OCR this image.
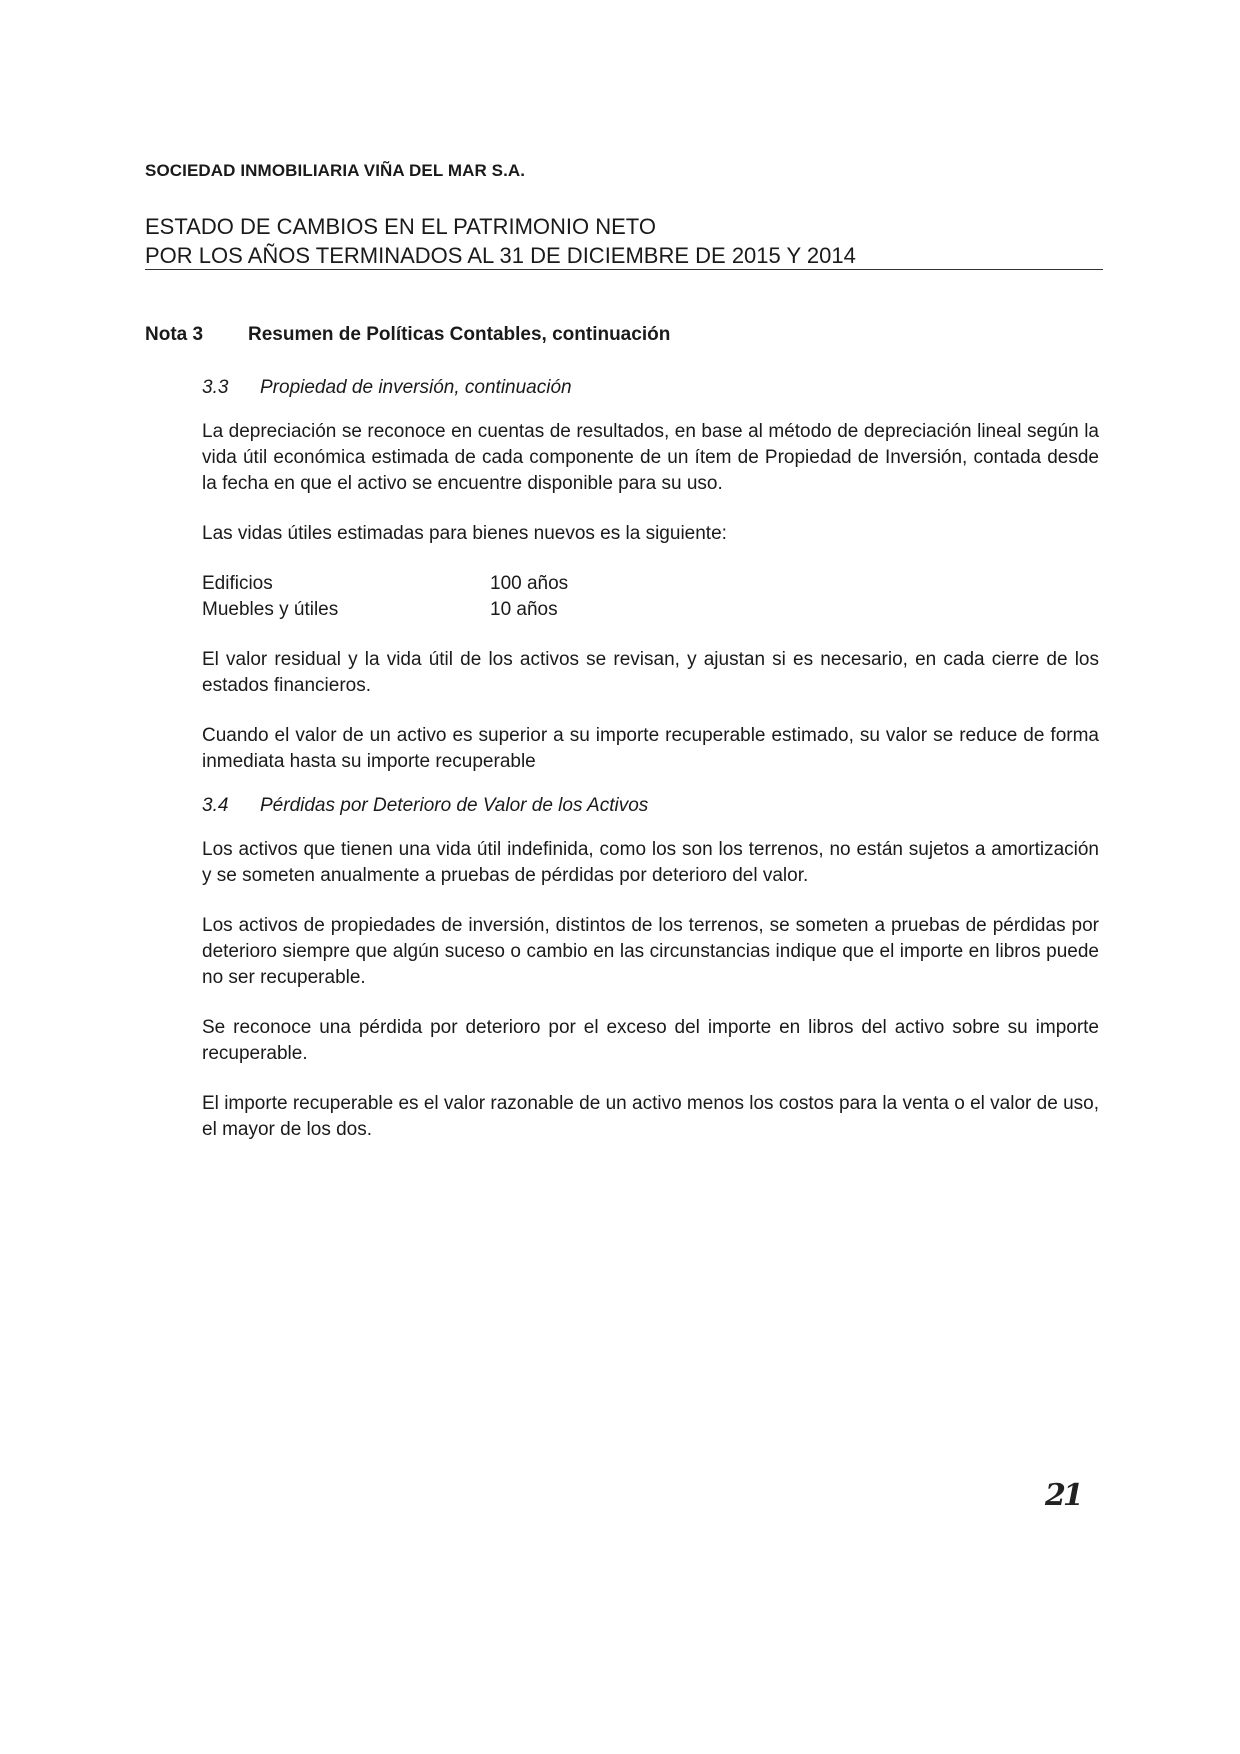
SOCIEDAD INMOBILIARIA VIÑA DEL MAR S.A.
ESTADO DE CAMBIOS EN EL PATRIMONIO NETO
POR LOS AÑOS TERMINADOS AL 31 DE DICIEMBRE DE 2015 Y 2014
Nota 3 Resumen de Políticas Contables, continuación
3.3 Propiedad de inversión, continuación

La depreciación se reconoce en cuentas de resultados, en base al método de depreciación lineal según la vida útil económica estimada de cada componente de un ítem de Propiedad de Inversión, contada desde la fecha en que el activo se encuentre disponible para su uso.

Las vidas útiles estimadas para bienes nuevos es la siguiente:

Edificios	100 años
Muebles y útiles	10 años

El valor residual y la vida útil de los activos se revisan, y ajustan si es necesario, en cada cierre de los estados financieros.

Cuando el valor de un activo es superior a su importe recuperable estimado, su valor se reduce de forma inmediata hasta su importe recuperable

3.4 Pérdidas por Deterioro de Valor de los Activos

Los activos que tienen una vida útil indefinida, como los son los terrenos, no están sujetos a amortización y se someten anualmente a pruebas de pérdidas por deterioro del valor.

Los activos de propiedades de inversión, distintos de los terrenos, se someten a pruebas de pérdidas por deterioro siempre que algún suceso o cambio en las circunstancias indique que el importe en libros puede no ser recuperable.

Se reconoce una pérdida por deterioro por el exceso del importe en libros del activo sobre su importe recuperable.

El importe recuperable es el valor razonable de un activo menos los costos para la venta o el valor de uso, el mayor de los dos.

21
